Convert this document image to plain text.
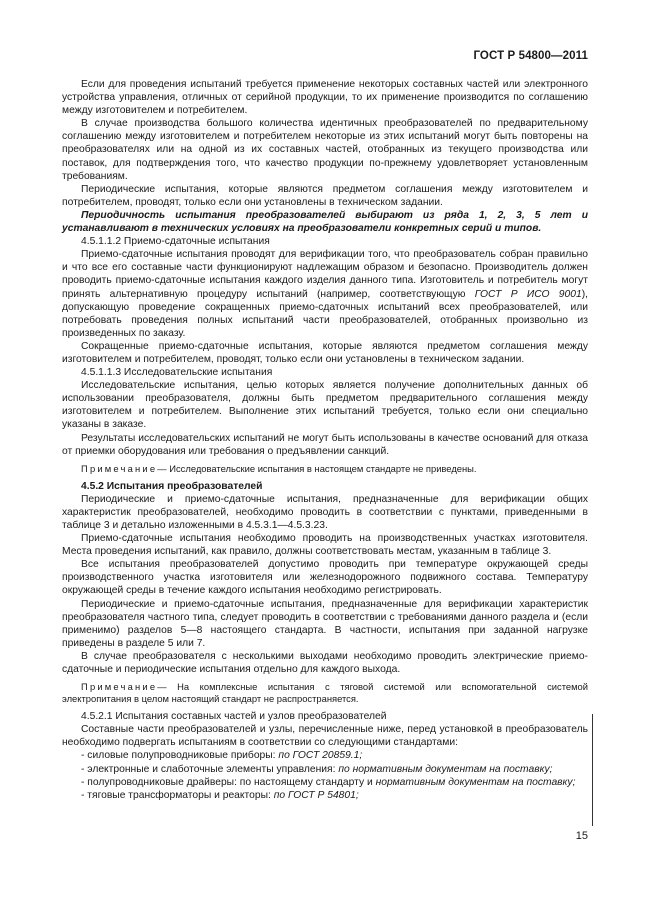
ГОСТ Р 54800—2011

Если для проведения испытаний требуется применение некоторых составных частей или электронного устройства управления, отличных от серийной продукции, то их применение производится по соглашению между изготовителем и потребителем.

В случае производства большого количества идентичных преобразователей по предварительному соглашению между изготовителем и потребителем некоторые из этих испытаний могут быть повторены на преобразователях или на одной из их составных частей, отобранных из текущего производства или поставок, для подтверждения того, что качество продукции по-прежнему удовлетворяет установленным требованиям.

Периодические испытания, которые являются предметом соглашения между изготовителем и потребителем, проводят, только если они установлены в техническом задании.

Периодичность испытания преобразователей выбирают из ряда 1, 2, 3, 5 лет и устанавливают в технических условиях на преобразователи конкретных серий и типов.

4.5.1.1.2 Приемо-сдаточные испытания

Приемо-сдаточные испытания проводят для верификации того, что преобразователь собран правильно и что все его составные части функционируют надлежащим образом и безопасно. Производитель должен проводить приемо-сдаточные испытания каждого изделия данного типа. Изготовитель и потребитель могут принять альтернативную процедуру испытаний (например, соответствующую ГОСТ Р ИСО 9001), допускающую проведение сокращенных приемо-сдаточных испытаний всех преобразователей, или потребовать проведения полных испытаний части преобразователей, отобранных произвольно из произведенных по заказу.

Сокращенные приемо-сдаточные испытания, которые являются предметом соглашения между изготовителем и потребителем, проводят, только если они установлены в техническом задании.

4.5.1.1.3 Исследовательские испытания

Исследовательские испытания, целью которых является получение дополнительных данных об использовании преобразователя, должны быть предметом предварительного соглашения между изготовителем и потребителем. Выполнение этих испытаний требуется, только если они специально указаны в заказе.

Результаты исследовательских испытаний не могут быть использованы в качестве оснований для отказа от приемки оборудования или требования о предъявлении санкций.

Примечание— Исследовательские испытания в настоящем стандарте не приведены.

4.5.2 Испытания преобразователей

Периодические и приемо-сдаточные испытания, предназначенные для верификации общих характеристик преобразователей, необходимо проводить в соответствии с пунктами, приведенными в таблице 3 и детально изложенными в 4.5.3.1—4.5.3.23.

Приемо-сдаточные испытания необходимо проводить на производственных участках изготовителя. Места проведения испытаний, как правило, должны соответствовать местам, указанным в таблице 3.

Все испытания преобразователей допустимо проводить при температуре окружающей среды производственного участка изготовителя или железнодорожного подвижного состава. Температуру окружающей среды в течение каждого испытания необходимо регистрировать.

Периодические и приемо-сдаточные испытания, предназначенные для верификации характеристик преобразователя частного типа, следует проводить в соответствии с требованиями данного раздела и (если применимо) разделов 5—8 настоящего стандарта. В частности, испытания при заданной нагрузке приведены в разделе 5 или 7.

В случае преобразователя с несколькими выходами необходимо проводить электрические приемо-сдаточные и периодические испытания отдельно для каждого выхода.

Примечание— На комплексные испытания с тяговой системой или вспомогательной системой электропитания в целом настоящий стандарт не распространяется.

4.5.2.1 Испытания составных частей и узлов преобразователей

Составные части преобразователей и узлы, перечисленные ниже, перед установкой в преобразователь необходимо подвергать испытаниям в соответствии со следующими стандартами:

- силовые полупроводниковые приборы: по ГОСТ 20859.1;

- электронные и слаботочные элементы управления: по нормативным документам на поставку;

- полупроводниковые драйверы: по настоящему стандарту и нормативным документам на поставку;

- тяговые трансформаторы и реакторы: по ГОСТ Р 54801;

15
